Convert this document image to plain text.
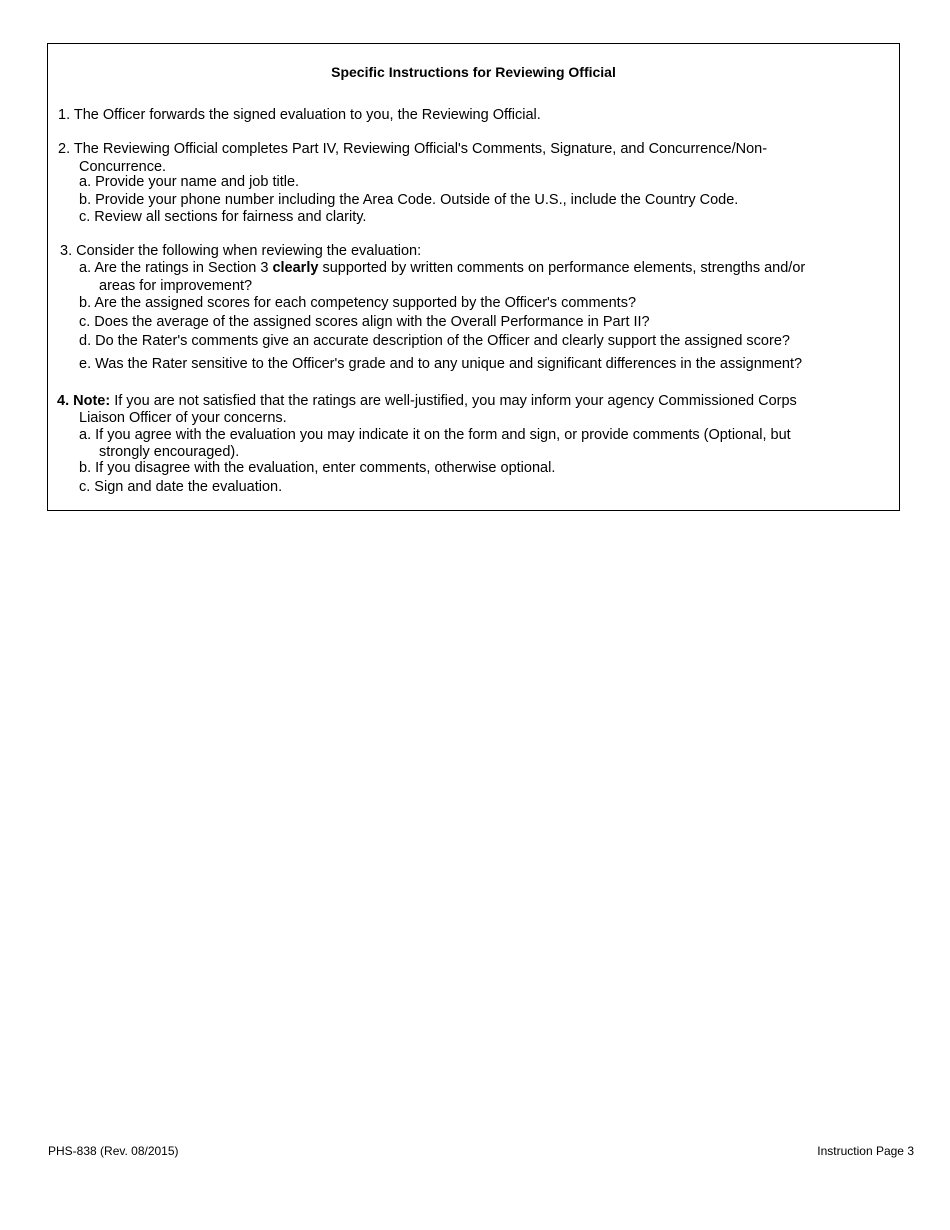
Specific Instructions for Reviewing Official
1. The Officer forwards the signed evaluation to you, the Reviewing Official.
2. The Reviewing Official completes Part IV, Reviewing Official's Comments, Signature, and Concurrence/Non-
Concurrence.
a. Provide your name and job title.
b. Provide your phone number including the Area Code. Outside of the U.S., include the Country Code.
c. Review all sections for fairness and clarity.
3. Consider the following when reviewing the evaluation:
a. Are the ratings in Section 3 clearly supported by written comments on performance elements, strengths and/or
areas for improvement?
b. Are the assigned scores for each competency supported by the Officer's comments?
c. Does the average of the assigned scores align with the Overall Performance in Part II?
d. Do the Rater's comments give an accurate description of the Officer and clearly support the assigned score?
e. Was the Rater sensitive to the Officer's grade and to any unique and significant differences in the assignment?
4. Note: If you are not satisfied that the ratings are well-justified, you may inform your agency Commissioned Corps
Liaison Officer of your concerns.
a. If you agree with the evaluation you may indicate it on the form and sign, or provide comments (Optional, but
strongly encouraged).
b. If you disagree with the evaluation, enter comments, otherwise optional.
c. Sign and date the evaluation.
PHS-838 (Rev. 08/2015)	Instruction Page 3
